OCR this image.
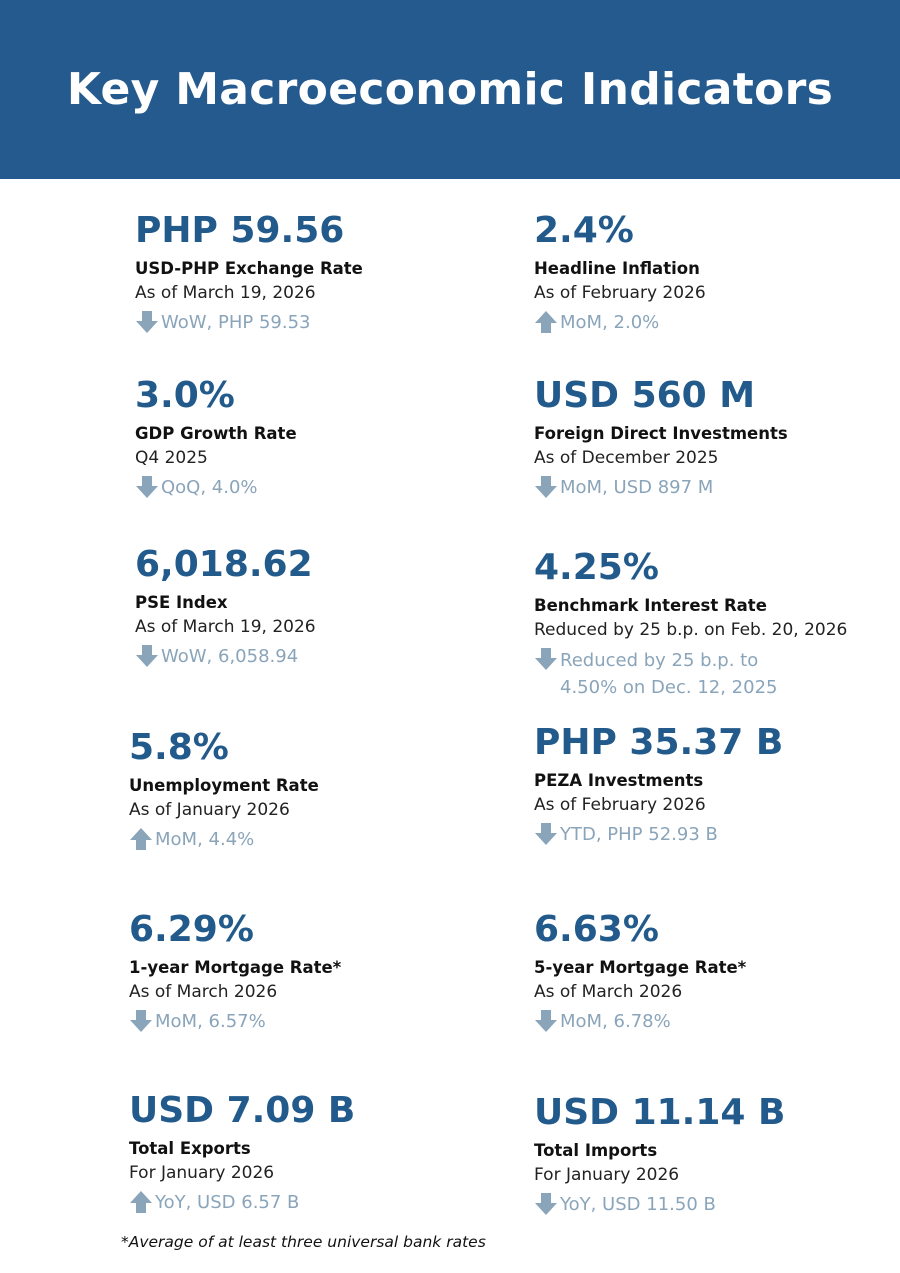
Key Macroeconomic Indicators
PHP 59.56
USD-PHP Exchange Rate
As of March 19, 2026
WoW, PHP 59.53
2.4%
Headline Inflation
As of February 2026
MoM, 2.0%
3.0%
GDP Growth Rate
Q4 2025
QoQ, 4.0%
USD 560 M
Foreign Direct Investments
As of December 2025
MoM, USD 897 M
6,018.62
PSE Index
As of March 19, 2026
WoW, 6,058.94
4.25%
Benchmark Interest Rate
Reduced by 25 b.p. on Feb. 20, 2026
Reduced by 25 b.p. to 4.50% on Dec. 12, 2025
5.8%
Unemployment Rate
As of January 2026
MoM, 4.4%
PHP 35.37 B
PEZA Investments
As of February 2026
YTD, PHP 52.93 B
6.29%
1-year Mortgage Rate*
As of March 2026
MoM, 6.57%
6.63%
5-year Mortgage Rate*
As of March 2026
MoM, 6.78%
USD 7.09 B
Total Exports
For January 2026
YoY, USD 6.57 B
USD 11.14 B
Total Imports
For January 2026
YoY, USD 11.50 B
*Average of at least three universal bank rates
